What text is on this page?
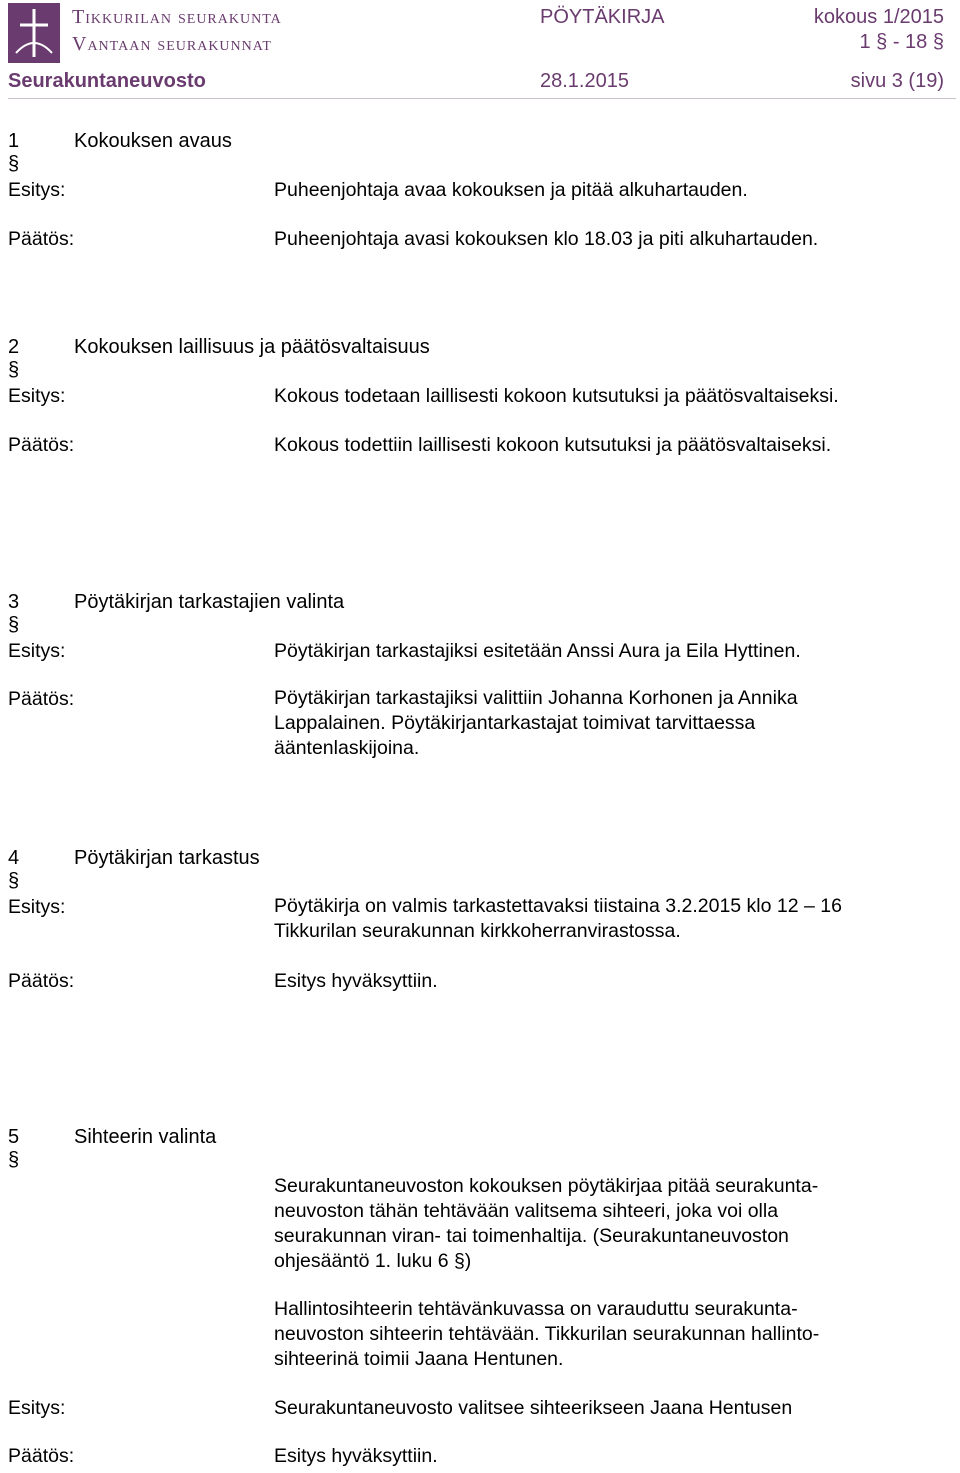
Tikkurilan seurakunta
Vantaan seurakunnat
PÖYTÄKIRJA	kokous 1/2015
1 § - 18 §
Seurakuntaneuvosto	28.1.2015	sivu 3 (19)
1 §
Kokouksen avaus
Esitys:	Puheenjohtaja avaa kokouksen ja pitää alkuhartauden.
Päätös:	Puheenjohtaja avasi kokouksen klo 18.03 ja piti alkuhartauden.
2 §
Kokouksen laillisuus ja päätösvaltaisuus
Esitys:	Kokous todetaan laillisesti kokoon kutsutuksi ja päätösvaltaiseksi.
Päätös:	Kokous todettiin laillisesti kokoon kutsutuksi ja päätösvaltaiseksi.
3 §
Pöytäkirjan tarkastajien valinta
Esitys:	Pöytäkirjan tarkastajiksi esitetään Anssi Aura ja Eila Hyttinen.
Päätös:	Pöytäkirjan tarkastajiksi valittiin Johanna Korhonen ja Annika
Lappalainen. Pöytäkirjantarkastajat toimivat tarvittaessa
ääntenlaskijoina.
4 §
Pöytäkirjan tarkastus
Esitys:	Pöytäkirja on valmis tarkastettavaksi tiistaina 3.2.2015 klo 12 – 16
Tikkurilan seurakunnan kirkkoherranvirastossa.
Päätös:	Esitys hyväksyttiin.
5 §
Sihteerin valinta
Seurakuntaneuvoston kokouksen pöytäkirjaa pitää seurakunta-
neuvoston tähän tehtävään valitsema sihteeri, joka voi olla
seurakunnan viran- tai toimenhaltija. (Seurakuntaneuvoston
ohjesääntö 1. luku 6 §)
Hallintosihteerin tehtävänkuvassa on varauduttu seurakunta-
neuvoston sihteerin tehtävään. Tikkurilan seurakunnan hallinto-
sihteerinä toimii Jaana Hentunen.
Esitys:	Seurakuntaneuvosto valitsee sihteerikseen Jaana Hentusen
Päätös:	Esitys hyväksyttiin.
